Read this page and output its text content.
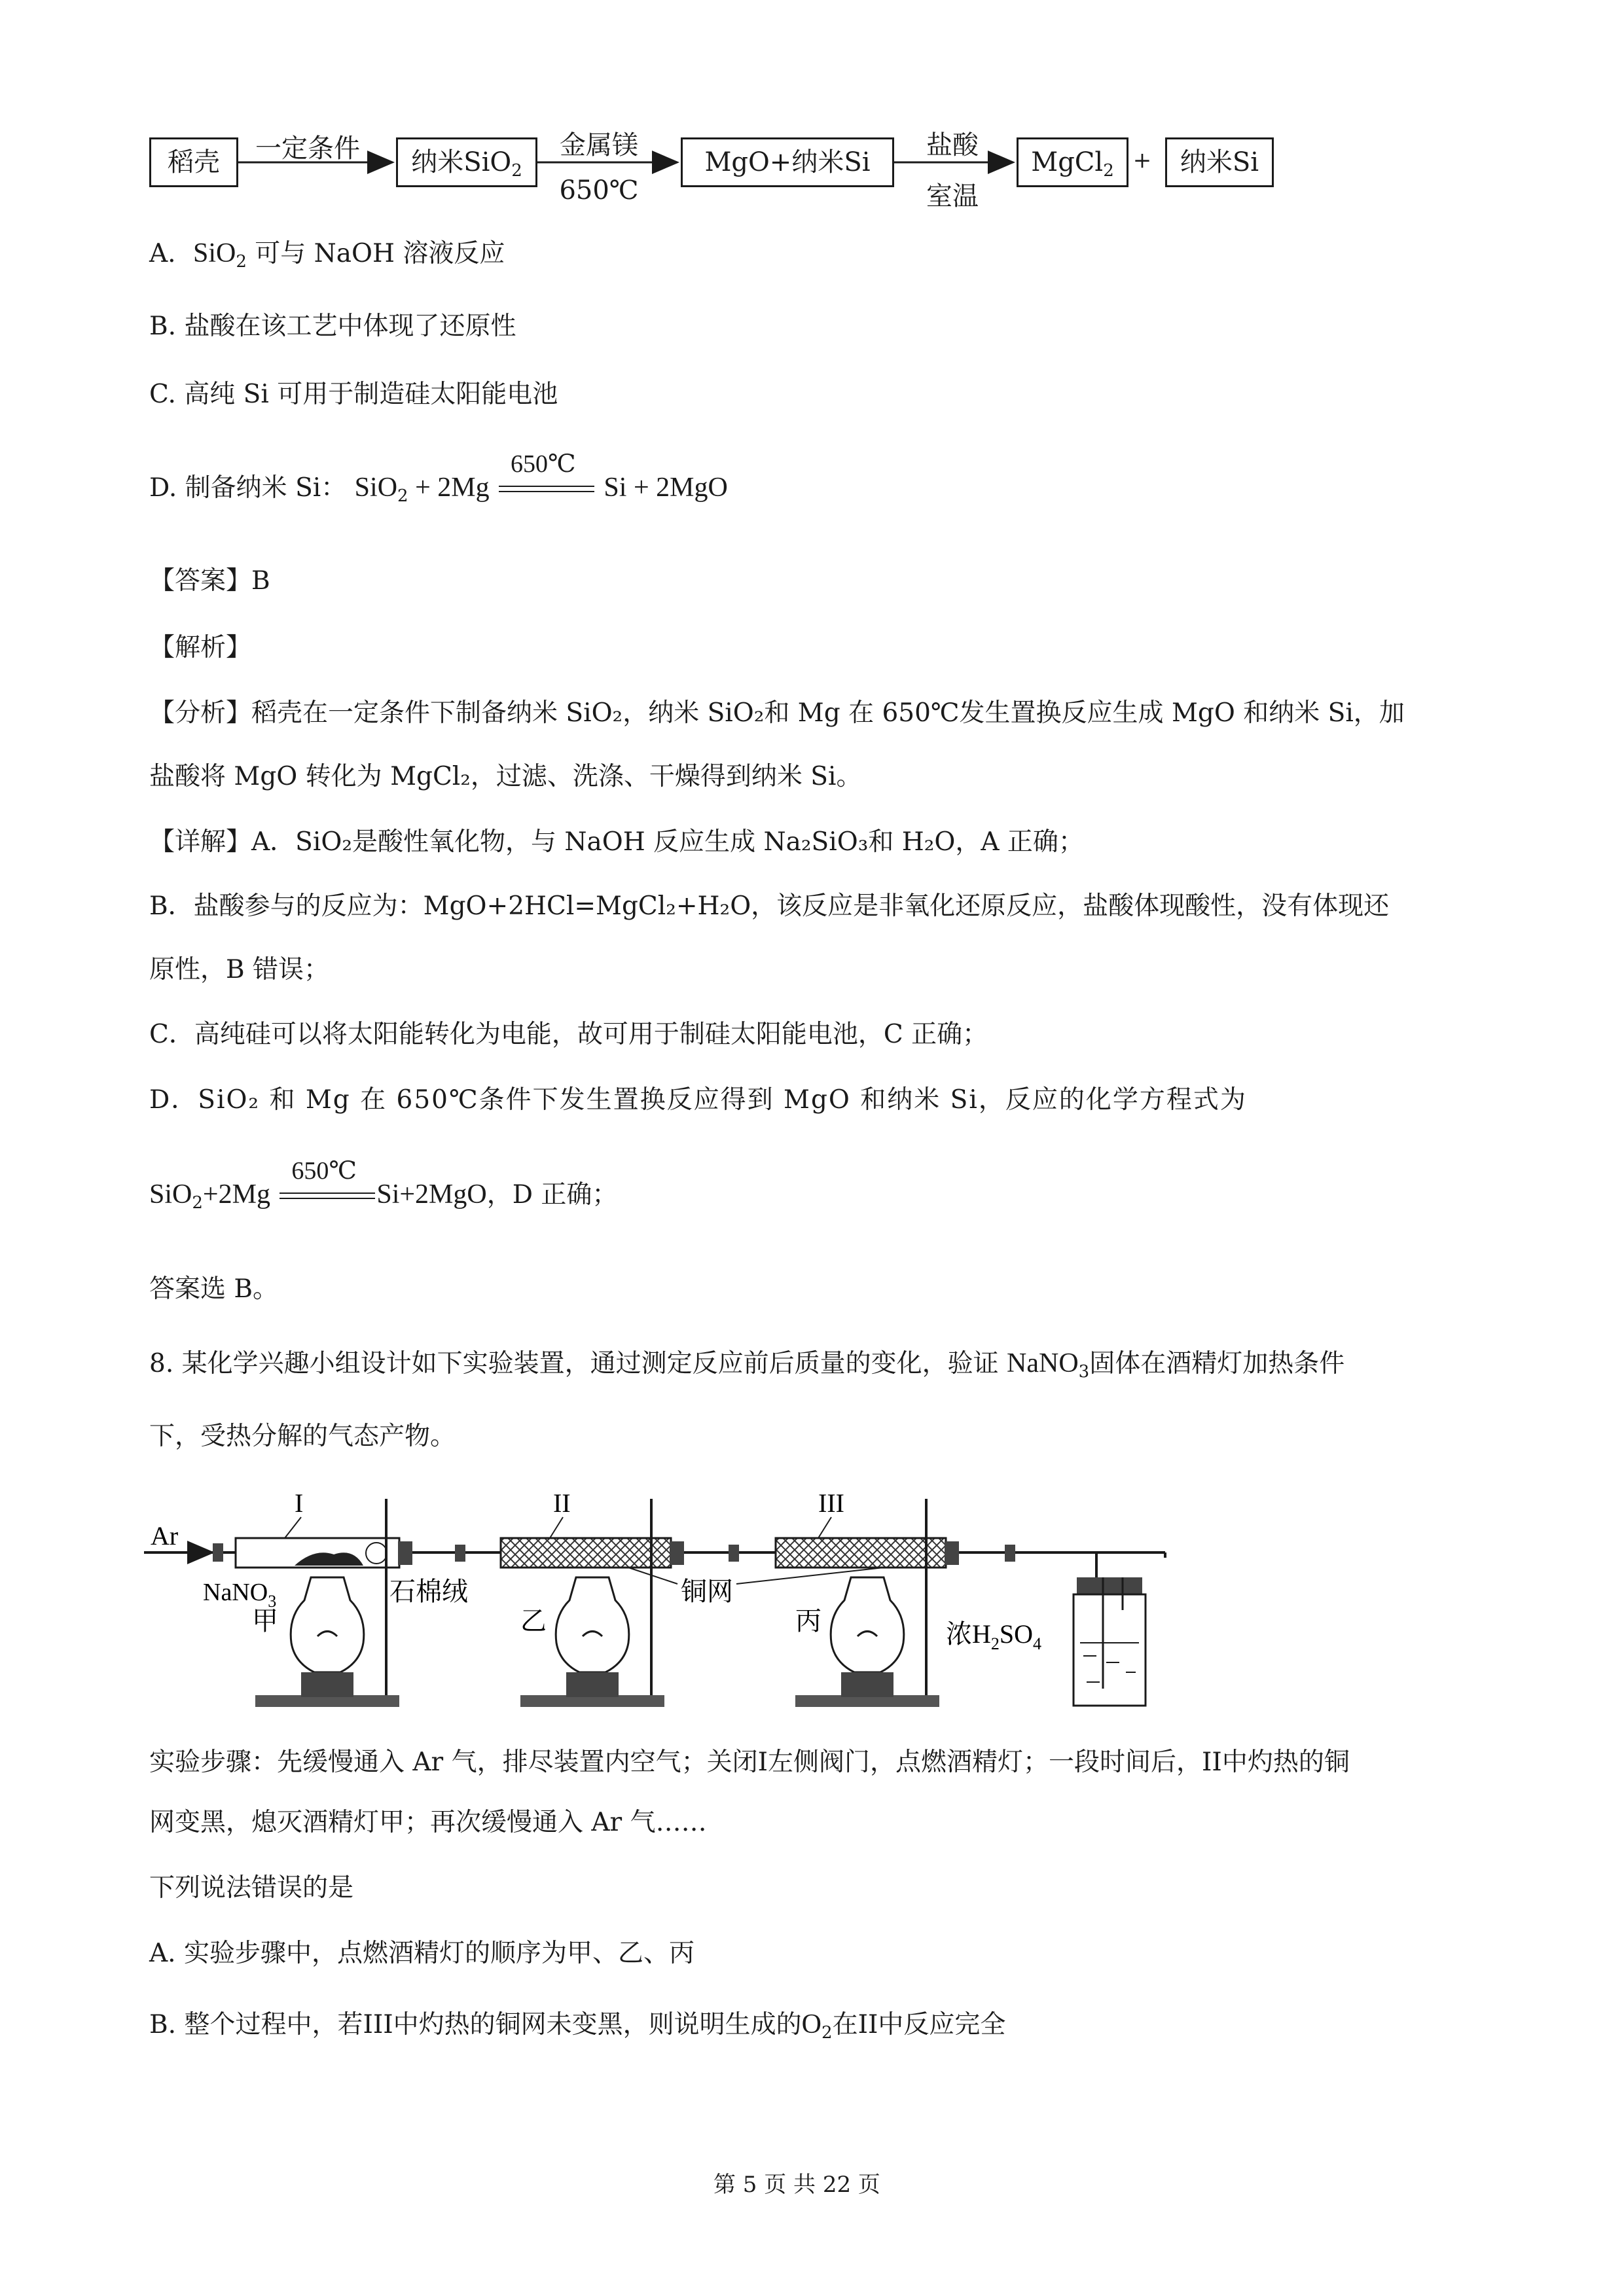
稻壳	一定条件	纳米SiO$_2$
金属镁
650℃
MgO+纳米Si
盐酸
室温
MgCl$_2$ +	纳米Si
A. SiO$_2$ 可与 NaOH 溶液反应
B. 盐酸在该工艺中体现了还原性
C. 高纯 Si 可用于制造硅太阳能电池
D. 制备纳米 Si： SiO$_2$ + 2Mg
650℃
Si + 2MgO
【答案】B
【解析】
【分析】稻壳在一定条件下制备纳米 SiO₂，纳米 SiO₂和 Mg 在 650℃发生置换反应生成 MgO 和纳米 Si，加
盐酸将 MgO 转化为 MgCl₂，过滤、洗涤、干燥得到纳米 Si。
【详解】A．SiO₂是酸性氧化物，与 NaOH 反应生成 Na₂SiO₃和 H₂O，A 正确；
B．盐酸参与的反应为：MgO+2HCl=MgCl₂+H₂O，该反应是非氧化还原反应，盐酸体现酸性，没有体现还
原性，B 错误；
C．高纯硅可以将太阳能转化为电能，故可用于制硅太阳能电池，C 正确；
D．SiO₂ 和 Mg 在 650℃条件下发生置换反应得到 MgO 和纳米 Si，反应的化学方程式为
SiO$_2$+2Mg
650℃
Si+2MgO，D 正确；
答案选 B。
8. 某化学兴趣小组设计如下实验装置，通过测定反应前后质量的变化，验证 NaNO$_3$固体在酒精灯加热条件
下，受热分解的气态产物。
Ar
I
NaNO$_3$	石棉绒
II	III
铜网
甲	乙	丙	浓$H_2SO_4$
实验步骤：先缓慢通入 Ar 气，排尽装置内空气；关闭I左侧阀门，点燃酒精灯；一段时间后，II中灼热的铜
网变黑，熄灭酒精灯甲；再次缓慢通入 Ar 气……
下列说法错误的是
A. 实验步骤中，点燃酒精灯的顺序为甲、乙、丙
B. 整个过程中，若III中灼热的铜网未变黑，则说明生成的$O_2$在II中反应完全
第 5 页 共 22 页
